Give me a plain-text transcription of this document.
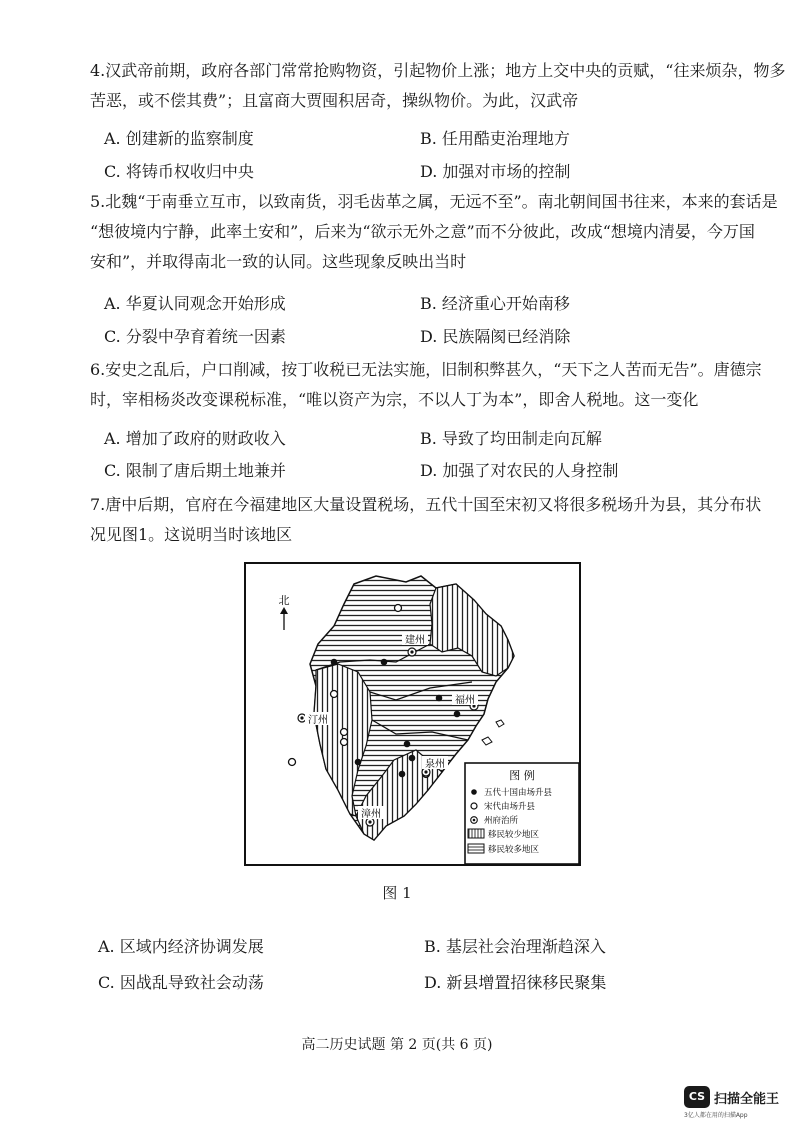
4.汉武帝前期，政府各部门常常抢购物资，引起物价上涨；地方上交中央的贡赋，“往来烦杂，物多
苦恶，或不偿其费”；且富商大贾囤积居奇，操纵物价。为此，汉武帝
A. 创建新的监察制度	B. 任用酷吏治理地方
C. 将铸币权收归中央	D. 加强对市场的控制
5.北魏“于南垂立互市，以致南货，羽毛齿革之属，无远不至”。南北朝间国书往来，本来的套话是
“想彼境内宁静，此率土安和”，后来为“欲示无外之意”而不分彼此，改成“想境内清晏，今万国
安和”，并取得南北一致的认同。这些现象反映出当时
A. 华夏认同观念开始形成	B. 经济重心开始南移
C. 分裂中孕育着统一因素	D. 民族隔阂已经消除
6.安史之乱后，户口削减，按丁收税已无法实施，旧制积弊甚久，“天下之人苦而无告”。唐德宗
时，宰相杨炎改变课税标准，“唯以资产为宗，不以人丁为本”，即舍人税地。这一变化
A. 增加了政府的财政收入	B. 导致了均田制走向瓦解
C. 限制了唐后期土地兼并	D. 加强了对农民的人身控制
7.唐中后期，官府在今福建地区大量设置税场，五代十国至宋初又将很多税场升为县，其分布状
况见图1。这说明当时该地区
北
建州
福州
汀州
泉州
漳州
图 例
五代十国由场升县
宋代由场升县
州府治所
移民较少地区
移民较多地区
图 1
A. 区域内经济协调发展	B. 基层社会治理渐趋深入
C. 因战乱导致社会动荡	D. 新县增置招徕移民聚集
高二历史试题 第 2 页(共 6 页)
CS 扫描全能王
3亿人都在用的扫描App
